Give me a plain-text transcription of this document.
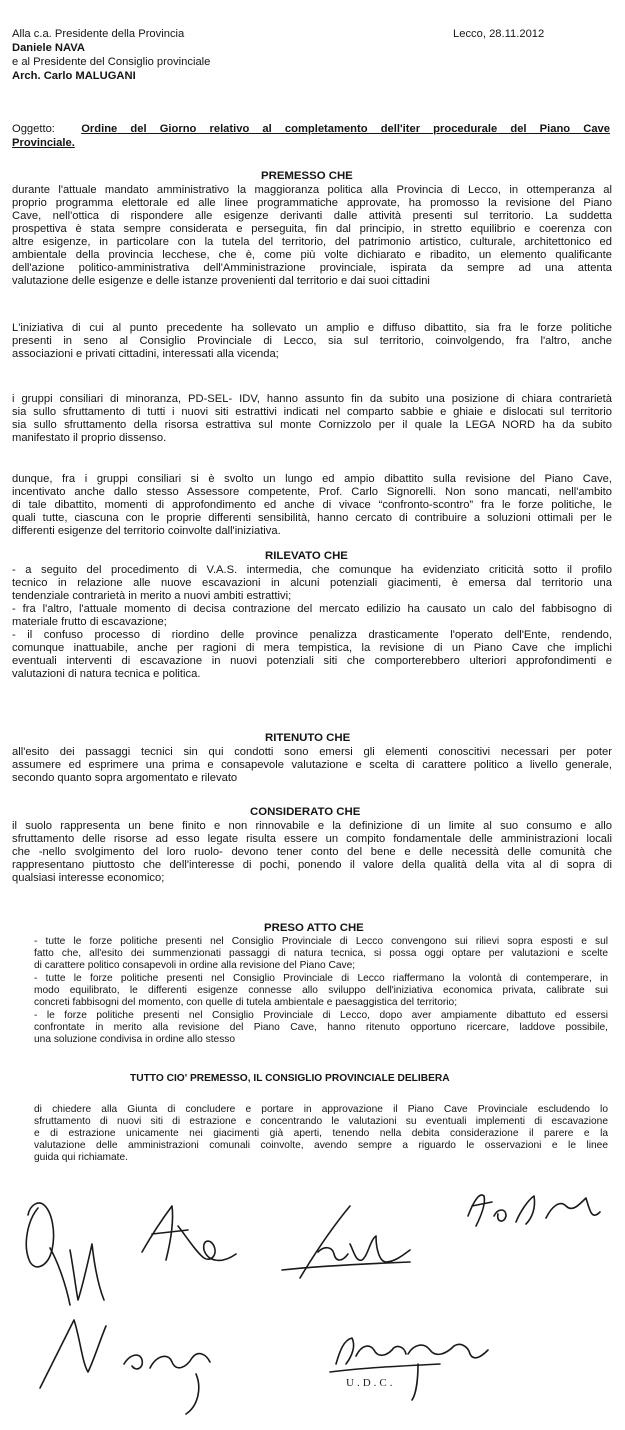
Alla c.a. Presidente della Provincia
Daniele NAVA
e al Presidente del Consiglio provinciale
Arch. Carlo MALUGANI
Lecco, 28.11.2012
Oggetto: Ordine del Giorno relativo al completamento dell'iter procedurale del Piano Cave
Provinciale.
PREMESSO CHE
durante l'attuale mandato amministrativo la maggioranza politica alla Provincia di Lecco, in ottemperanza al
proprio programma elettorale ed alle linee programmatiche approvate, ha promosso la revisione del Piano
Cave, nell'ottica di rispondere alle esigenze derivanti dalle attività presenti sul territorio. La suddetta
prospettiva è stata sempre considerata e perseguita, fin dal principio, in stretto equilibrio e coerenza con
altre esigenze, in particolare con la tutela del territorio, del patrimonio artistico, culturale, architettonico ed
ambientale della provincia lecchese, che è, come più volte dichiarato e ribadito, un elemento qualificante
dell'azione politico-amministrativa dell'Amministrazione provinciale, ispirata da sempre ad una attenta
valutazione delle esigenze e delle istanze provenienti dal territorio e dai suoi cittadini
L'iniziativa di cui al punto precedente ha sollevato un amplio e diffuso dibattito, sia fra le forze politiche
presenti in seno al Consiglio Provinciale di Lecco, sia sul territorio, coinvolgendo, fra l'altro, anche
associazioni e privati cittadini, interessati alla vicenda;
i gruppi consiliari di minoranza, PD-SEL- IDV, hanno assunto fin da subito una posizione di chiara contrarietà
sia sullo sfruttamento di tutti i nuovi siti estrattivi indicati nel comparto sabbie e ghiaie e dislocati sul territorio
sia sullo sfruttamento della risorsa estrattiva sul monte Cornizzolo per il quale la LEGA NORD ha da subito
manifestato il proprio dissenso.
dunque, fra i gruppi consiliari si è svolto un lungo ed ampio dibattito sulla revisione del Piano Cave,
incentivato anche dallo stesso Assessore competente, Prof. Carlo Signorelli. Non sono mancati, nell'ambito
di tale dibattito, momenti di approfondimento ed anche di vivace “confronto-scontro” fra le forze politiche, le
quali tutte, ciascuna con le proprie differenti sensibilità, hanno cercato di contribuire a soluzioni ottimali per le
differenti esigenze del territorio coinvolte dall'iniziativa.
RILEVATO CHE
- a seguito del procedimento di V.A.S. intermedia, che comunque ha evidenziato criticità sotto il profilo
tecnico in relazione alle nuove escavazioni in alcuni potenziali giacimenti, è emersa dal territorio una
tendenziale contrarietà in merito a nuovi ambiti estrattivi;
- fra l'altro, l'attuale momento di decisa contrazione del mercato edilizio ha causato un calo del fabbisogno di
materiale frutto di escavazione;
- il confuso processo di riordino delle province penalizza drasticamente l'operato dell'Ente, rendendo,
comunque inattuabile, anche per ragioni di mera tempistica, la revisione di un Piano Cave che implichi
eventuali interventi di escavazione in nuovi potenziali siti che comporterebbero ulteriori approfondimenti e
valutazioni di natura tecnica e politica.
RITENUTO CHE
all'esito dei passaggi tecnici sin qui condotti sono emersi gli elementi conoscitivi necessari per poter
assumere ed esprimere una prima e consapevole valutazione e scelta di carattere politico a livello generale,
secondo quanto sopra argomentato e rilevato
CONSIDERATO CHE
il suolo rappresenta un bene finito e non rinnovabile e la definizione di un limite al suo consumo e allo
sfruttamento delle risorse ad esso legate risulta essere un compito fondamentale delle amministrazioni locali
che -nello svolgimento del loro ruolo- devono tener conto del bene e delle necessità delle comunità che
rappresentano piuttosto che dell'interesse di pochi, ponendo il valore della qualità della vita al di sopra di
qualsiasi interesse economico;
PRESO ATTO CHE
- tutte le forze politiche presenti nel Consiglio Provinciale di Lecco convengono sui rilievi sopra esposti e sul
fatto che, all'esito dei summenzionati passaggi di natura tecnica, si possa oggi optare per valutazioni e scelte
di carattere politico consapevoli in ordine alla revisione del Piano Cave;
- tutte le forze politiche presenti nel Consiglio Provinciale di Lecco riaffermano la volontà di contemperare, in
modo equilibrato, le differenti esigenze connesse allo sviluppo dell'iniziativa economica privata, calibrate sui
concreti fabbisogni del momento, con quelle di tutela ambientale e paesaggistica del territorio;
- le forze politiche presenti nel Consiglio Provinciale di Lecco, dopo aver ampiamente dibattuto ed essersi
confrontate in merito alla revisione del Piano Cave, hanno ritenuto opportuno ricercare, laddove possibile,
una soluzione condivisa in ordine allo stesso
TUTTO CIO' PREMESSO, IL CONSIGLIO PROVINCIALE DELIBERA
di chiedere alla Giunta di concludere e portare in approvazione il Piano Cave Provinciale escludendo lo
sfruttamento di nuovi siti di estrazione e concentrando le valutazioni su eventuali implementi di escavazione
e di estrazione unicamente nei giacimenti già aperti, tenendo nella debita considerazione il parere e la
valutazione delle amministrazioni comunali coinvolte, avendo sempre a riguardo le osservazioni e le linee
guida qui richiamate.
U.D.C.
